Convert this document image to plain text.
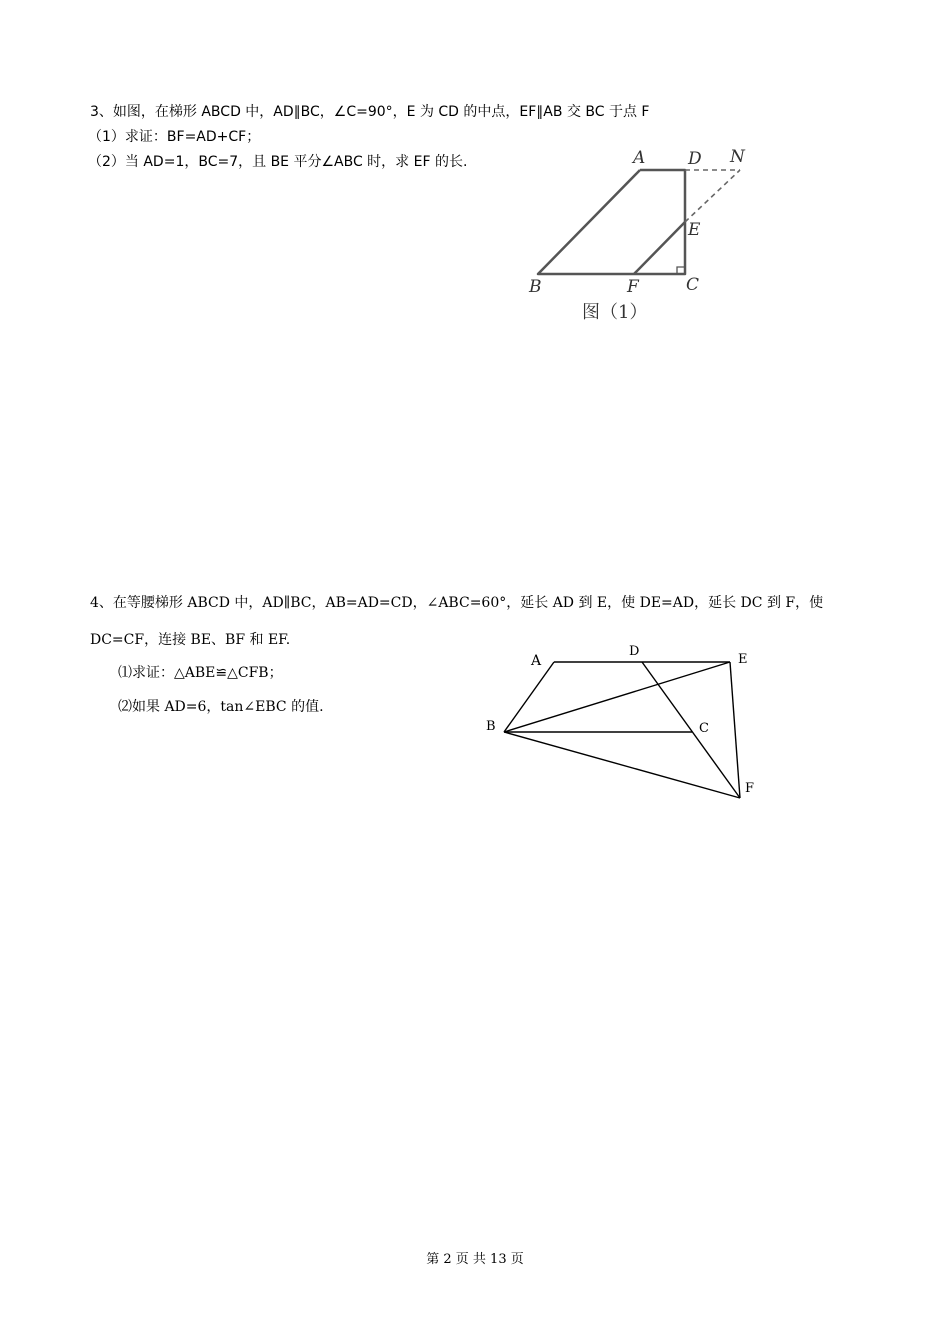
3、如图，在梯形 ABCD 中，AD∥BC，∠C=90°，E 为 CD 的中点，EF∥AB 交 BC 于点 F
（1）求证：BF=AD+CF；
（2）当 AD=1，BC=7，且 BE 平分∠ABC 时，求 EF 的长.	A	D N
E
B	F	C
图（1）
4、在等腰梯形 ABCD 中，AD∥BC，AB=AD=CD，∠ABC=60°，延长 AD 到 E，使 DE=AD，延长 DC 到 F，使
DC=CF，连接 BE、BF 和 EF.
⑴求证：△ABE≌△CFB；
⑵如果 AD=6，tan∠EBC 的值.
A
D
E
B	C
F
第 2 页 共 13 页
